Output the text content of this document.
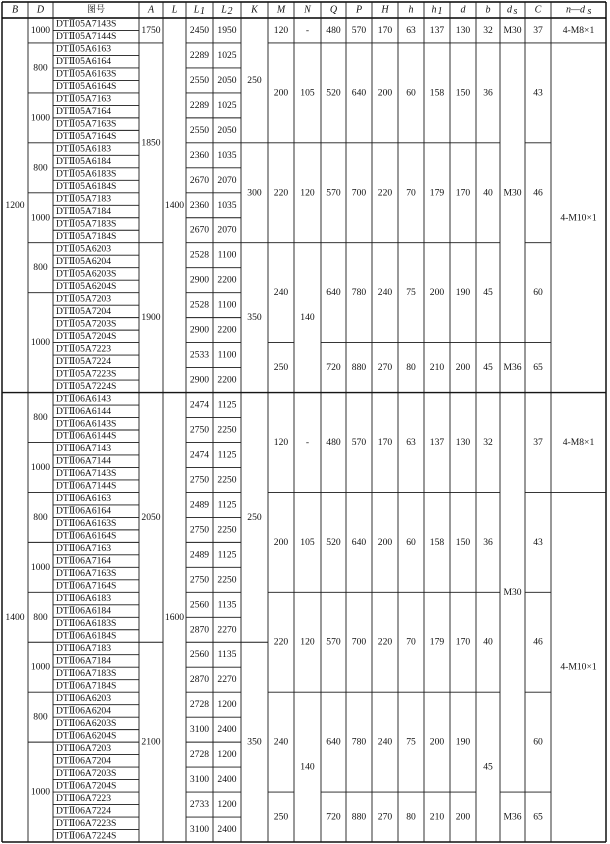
B D	图号	A L L 1 L 2 K M N Q P H h h 1 d b d s C n—d s
1200
1400
1000
800
1000
800
1000
800
1000
800
1000
800
1000
800
1000
800
1000
1750
1850
1900
2050
2100
1400
1600
2450 1950
2289 1025
2550 2050
2289 1025
2550 2050
2360 1035
2670 2070
2360 1035
2670 2070
2528 1100
2900 2200
2528 1100
2900 2200
2533 1100
2900 2200
2474 1125
2750 2250
2474 1125
2750 2250
2489 1125
2750 2250
2489 1125
2750 2250
2560 1135
2870 2270
2560 1135
2870 2270
2728 1200
3100 2400
2728 1200
3100 2400
2733 1200
3100 2400
250
300
350
250
350
120
200
220
240
250
120
200
220
240
250
480
520
570
640
720
480
520
570
640
720
570
640
700
780
880
570
640
700
780
880
170
200
220
240
270
170
200
220
240
270
63
60
70
75
80
63
60
70
75
80
137
158
179
200
210
137
158
179
200
210
130
150
170
190
200
130
150
170
190
200
-
105
120
140
-
105
120
140
32
36
40
45
45
32
36
40
45
M30
M30
M36
M30
M36
37
43
46
60
65
37
43
46
60
65
4-M8×1
4-M10×1
4-M8×1
4-M10×1
DTⅡ05A7143S
DTⅡ05A7144S
DTⅡ05A6163
DTⅡ05A6164
DTⅡ05A6163S
DTⅡ05A6164S
DTⅡ05A7163
DTⅡ05A7164
DTⅡ05A7163S
DTⅡ05A7164S
DTⅡ05A6183
DTⅡ05A6184
DTⅡ05A6183S
DTⅡ05A6184S
DTⅡ05A7183
DTⅡ05A7184
DTⅡ05A7183S
DTⅡ05A7184S
DTⅡ05A6203
DTⅡ05A6204
DTⅡ05A6203S
DTⅡ05A6204S
DTⅡ05A7203
DTⅡ05A7204
DTⅡ05A7203S
DTⅡ05A7204S
DTⅡ05A7223
DTⅡ05A7224
DTⅡ05A7223S
DTⅡ05A7224S
DTⅡ06A6143
DTⅡ06A6144
DTⅡ06A6143S
DTⅡ06A6144S
DTⅡ06A7143
DTⅡ06A7144
DTⅡ06A7143S
DTⅡ06A7144S
DTⅡ06A6163
DTⅡ06A6164
DTⅡ06A6163S
DTⅡ06A6164S
DTⅡ06A7163
DTⅡ06A7164
DTⅡ06A7163S
DTⅡ06A7164S
DTⅡ06A6183
DTⅡ06A6184
DTⅡ06A6183S
DTⅡ06A6184S
DTⅡ06A7183
DTⅡ06A7184
DTⅡ06A7183S
DTⅡ06A7184S
DTⅡ06A6203
DTⅡ06A6204
DTⅡ06A6203S
DTⅡ06A6204S
DTⅡ06A7203
DTⅡ06A7204
DTⅡ06A7203S
DTⅡ06A7204S
DTⅡ06A7223
DTⅡ06A7224
DTⅡ06A7223S
DTⅡ06A7224S
